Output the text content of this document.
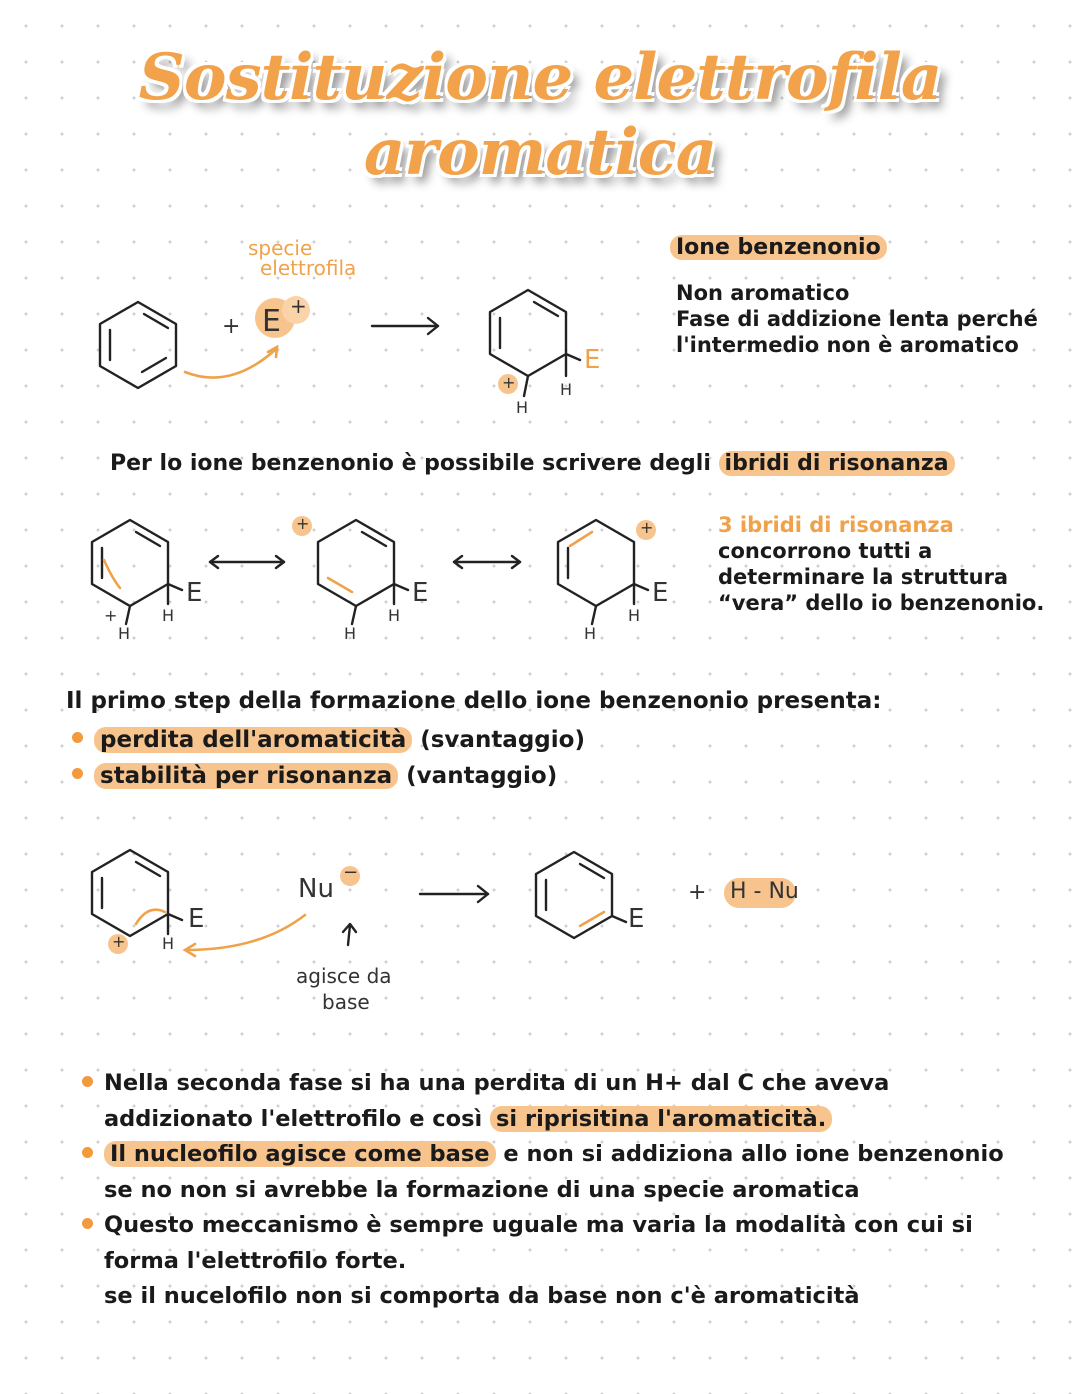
Sostituzione elettrofila aromatica
specie
elettrofila
+ E +
E
H
H
+
Ione benzenonio
Non aromatico
Fase di addizione lenta perché
l'intermedio non è aromatico
Per lo ione benzenonio è possibile scrivere degli ibridi di risonanza
E
+
H
H
E
+
H
H
E
+
H
H
3 ibridi di risonanza
concorrono tutti a
determinare la struttura
“vera” dello io benzenonio.
Il primo step della formazione dello ione benzenonio presenta:
perdita dell'aromaticità (svantaggio)
stabilità per risonanza (vantaggio)
E
+ H
Nu
−
agisce da
base
E
+ H - Nu
Nella seconda fase si ha una perdita di un H+ dal C che aveva
addizionato l'elettrofilo e così si riprisitina l'aromaticità.
Il nucleofilo agisce come base e non si addiziona allo ione benzenonio
se no non si avrebbe la formazione di una specie aromatica
Questo meccanismo è sempre uguale ma varia la modalità con cui si
forma l'elettrofilo forte.
se il nucelofilo non si comporta da base non c'è aromaticità
